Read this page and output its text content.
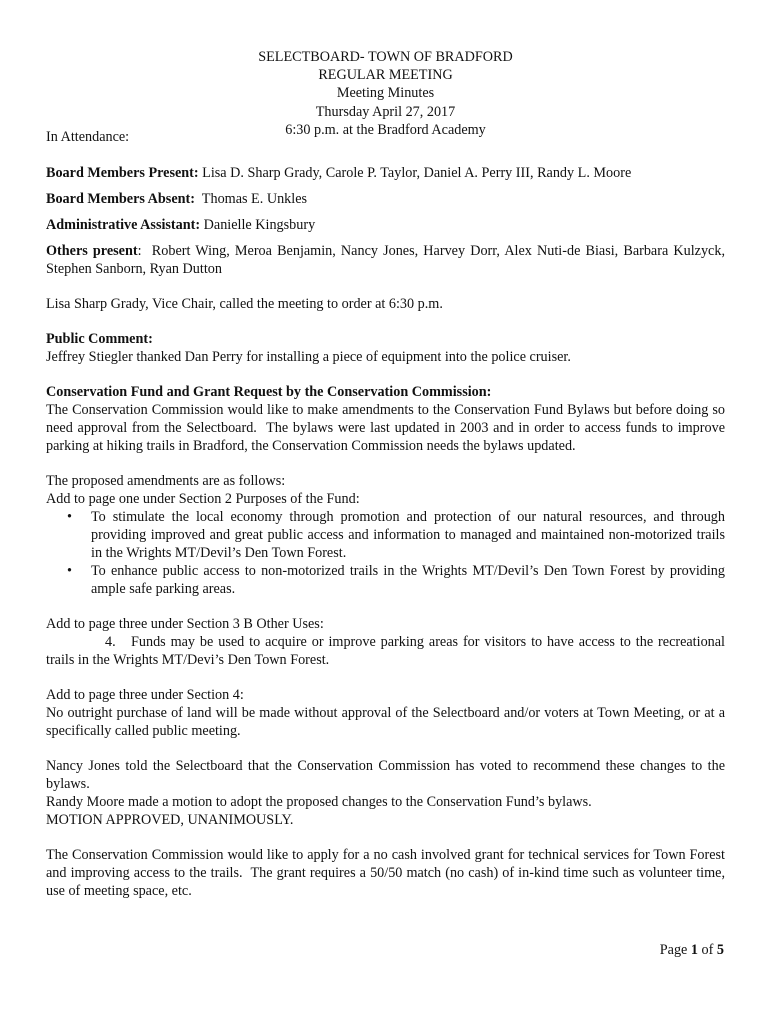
SELECTBOARD- TOWN OF BRADFORD
REGULAR MEETING
Meeting Minutes
Thursday April 27, 2017
6:30 p.m. at the Bradford Academy

In Attendance:

Board Members Present: Lisa D. Sharp Grady, Carole P. Taylor, Daniel A. Perry III, Randy L. Moore

Board Members Absent:  Thomas E. Unkles

Administrative Assistant: Danielle Kingsbury

Others present:  Robert Wing, Meroa Benjamin, Nancy Jones, Harvey Dorr, Alex Nuti-de Biasi, Barbara Kulzyck, Stephen Sanborn, Ryan Dutton

Lisa Sharp Grady, Vice Chair, called the meeting to order at 6:30 p.m.

Public Comment:

Jeffrey Stiegler thanked Dan Perry for installing a piece of equipment into the police cruiser.

Conservation Fund and Grant Request by the Conservation Commission:

The Conservation Commission would like to make amendments to the Conservation Fund Bylaws but before doing so need approval from the Selectboard.  The bylaws were last updated in 2003 and in order to access funds to improve parking at hiking trails in Bradford, the Conservation Commission needs the bylaws updated.

The proposed amendments are as follows:

Add to page one under Section 2 Purposes of the Fund:

• To stimulate the local economy through promotion and protection of our natural resources, and through providing improved and great public access and information to managed and maintained non-motorized trails in the Wrights MT/Devil’s Den Town Forest.
• To enhance public access to non-motorized trails in the Wrights MT/Devil’s Den Town Forest by providing ample safe parking areas.

Add to page three under Section 3 B Other Uses:

4. Funds may be used to acquire or improve parking areas for visitors to have access to the recreational trails in the Wrights MT/Devi’s Den Town Forest.

Add to page three under Section 4:

No outright purchase of land will be made without approval of the Selectboard and/or voters at Town Meeting, or at a specifically called public meeting.

Nancy Jones told the Selectboard that the Conservation Commission has voted to recommend these changes to the bylaws.

Randy Moore made a motion to adopt the proposed changes to the Conservation Fund’s bylaws.

MOTION APPROVED, UNANIMOUSLY.

The Conservation Commission would like to apply for a no cash involved grant for technical services for Town Forest and improving access to the trails.  The grant requires a 50/50 match (no cash) of in-kind time such as volunteer time, use of meeting space, etc.

Page 1 of 5
